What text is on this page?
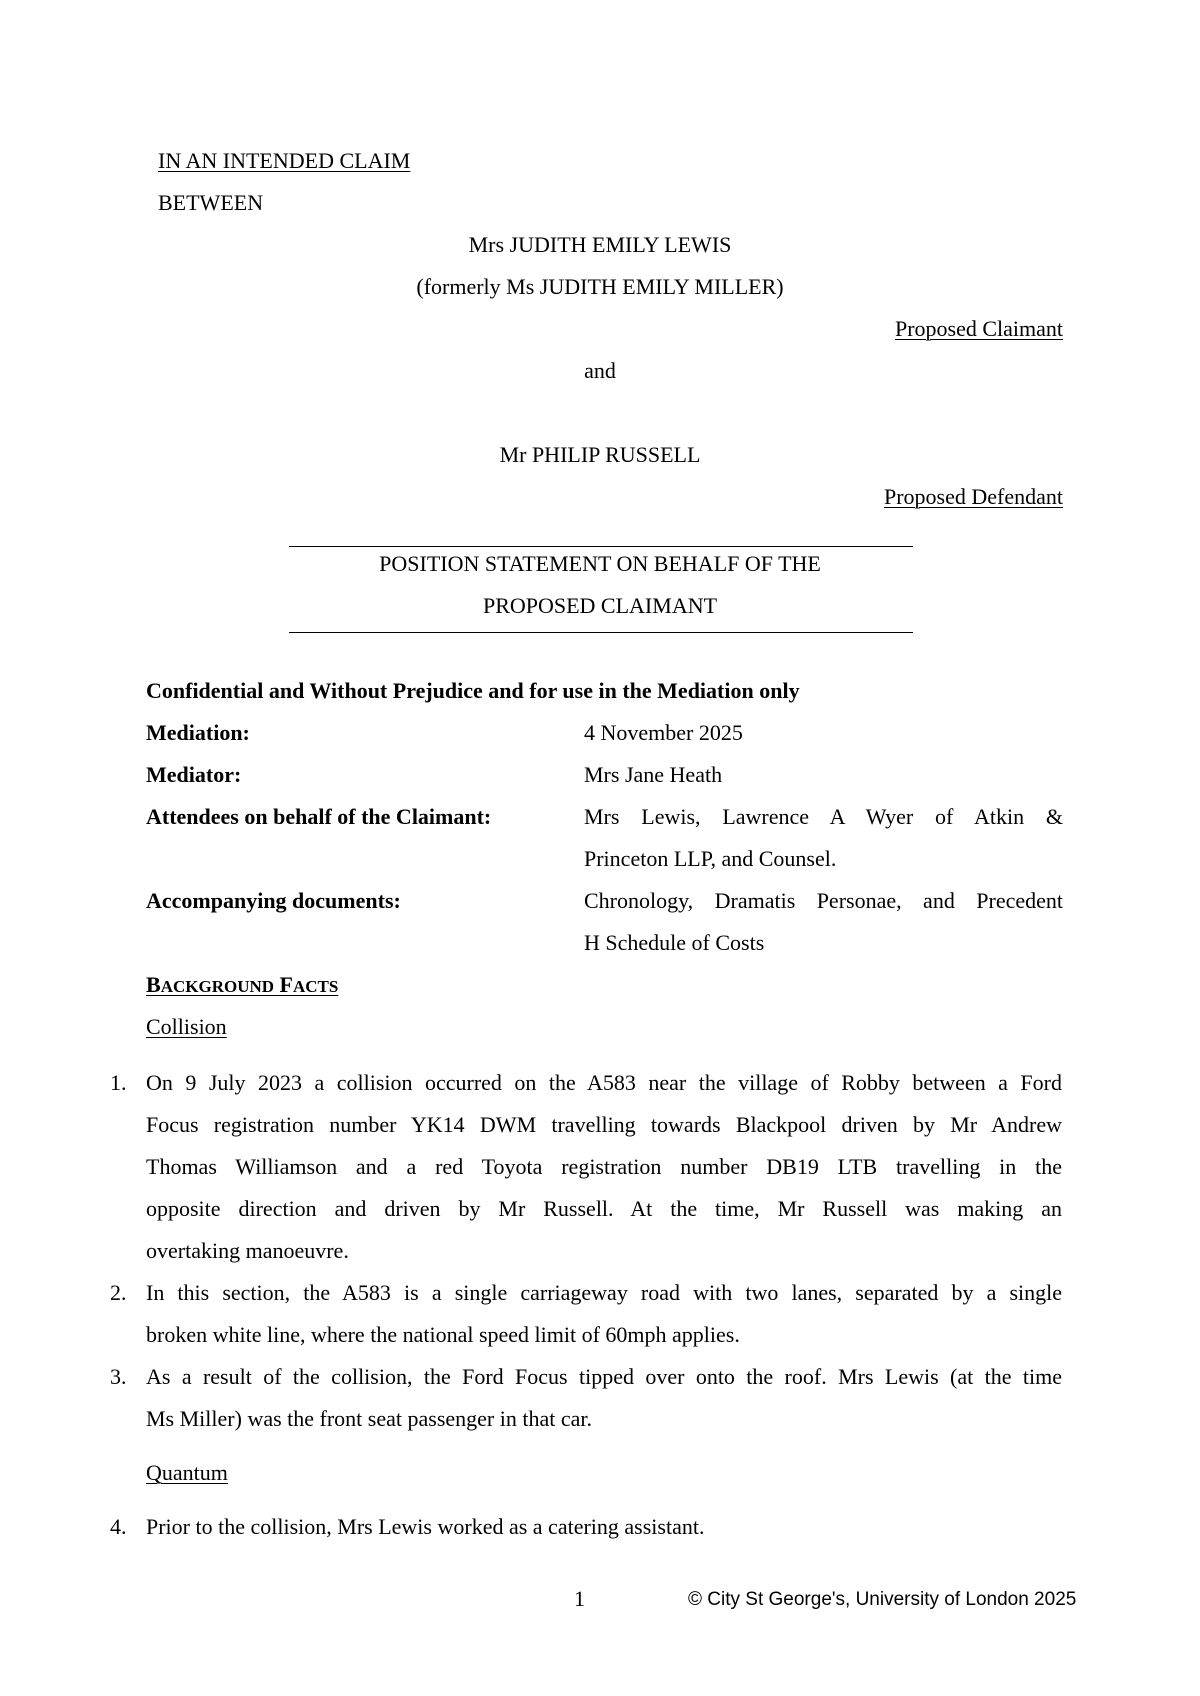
IN AN INTENDED CLAIM
BETWEEN
Mrs JUDITH EMILY LEWIS
(formerly Ms JUDITH EMILY MILLER)
Proposed Claimant
and
Mr PHILIP RUSSELL
Proposed Defendant
POSITION STATEMENT ON BEHALF OF THE
PROPOSED CLAIMANT
Confidential and Without Prejudice and for use in the Mediation only
Mediation:	4 November 2025
Mediator:	Mrs Jane Heath
Attendees on behalf of the Claimant:	Mrs Lewis, Lawrence A Wyer of Atkin &
Princeton LLP, and Counsel.
Accompanying documents:	Chronology, Dramatis Personae, and Precedent
H Schedule of Costs
BACKGROUND FACTS
Collision
1. On 9 July 2023 a collision occurred on the A583 near the village of Robby between a Ford
Focus registration number YK14 DWM travelling towards Blackpool driven by Mr Andrew
Thomas Williamson and a red Toyota registration number DB19 LTB travelling in the
opposite direction and driven by Mr Russell. At the time, Mr Russell was making an
overtaking manoeuvre.
2. In this section, the A583 is a single carriageway road with two lanes, separated by a single
broken white line, where the national speed limit of 60mph applies.
3. As a result of the collision, the Ford Focus tipped over onto the roof. Mrs Lewis (at the time
Ms Miller) was the front seat passenger in that car.
Quantum
4. Prior to the collision, Mrs Lewis worked as a catering assistant.
1	© City St George's, University of London 2025
